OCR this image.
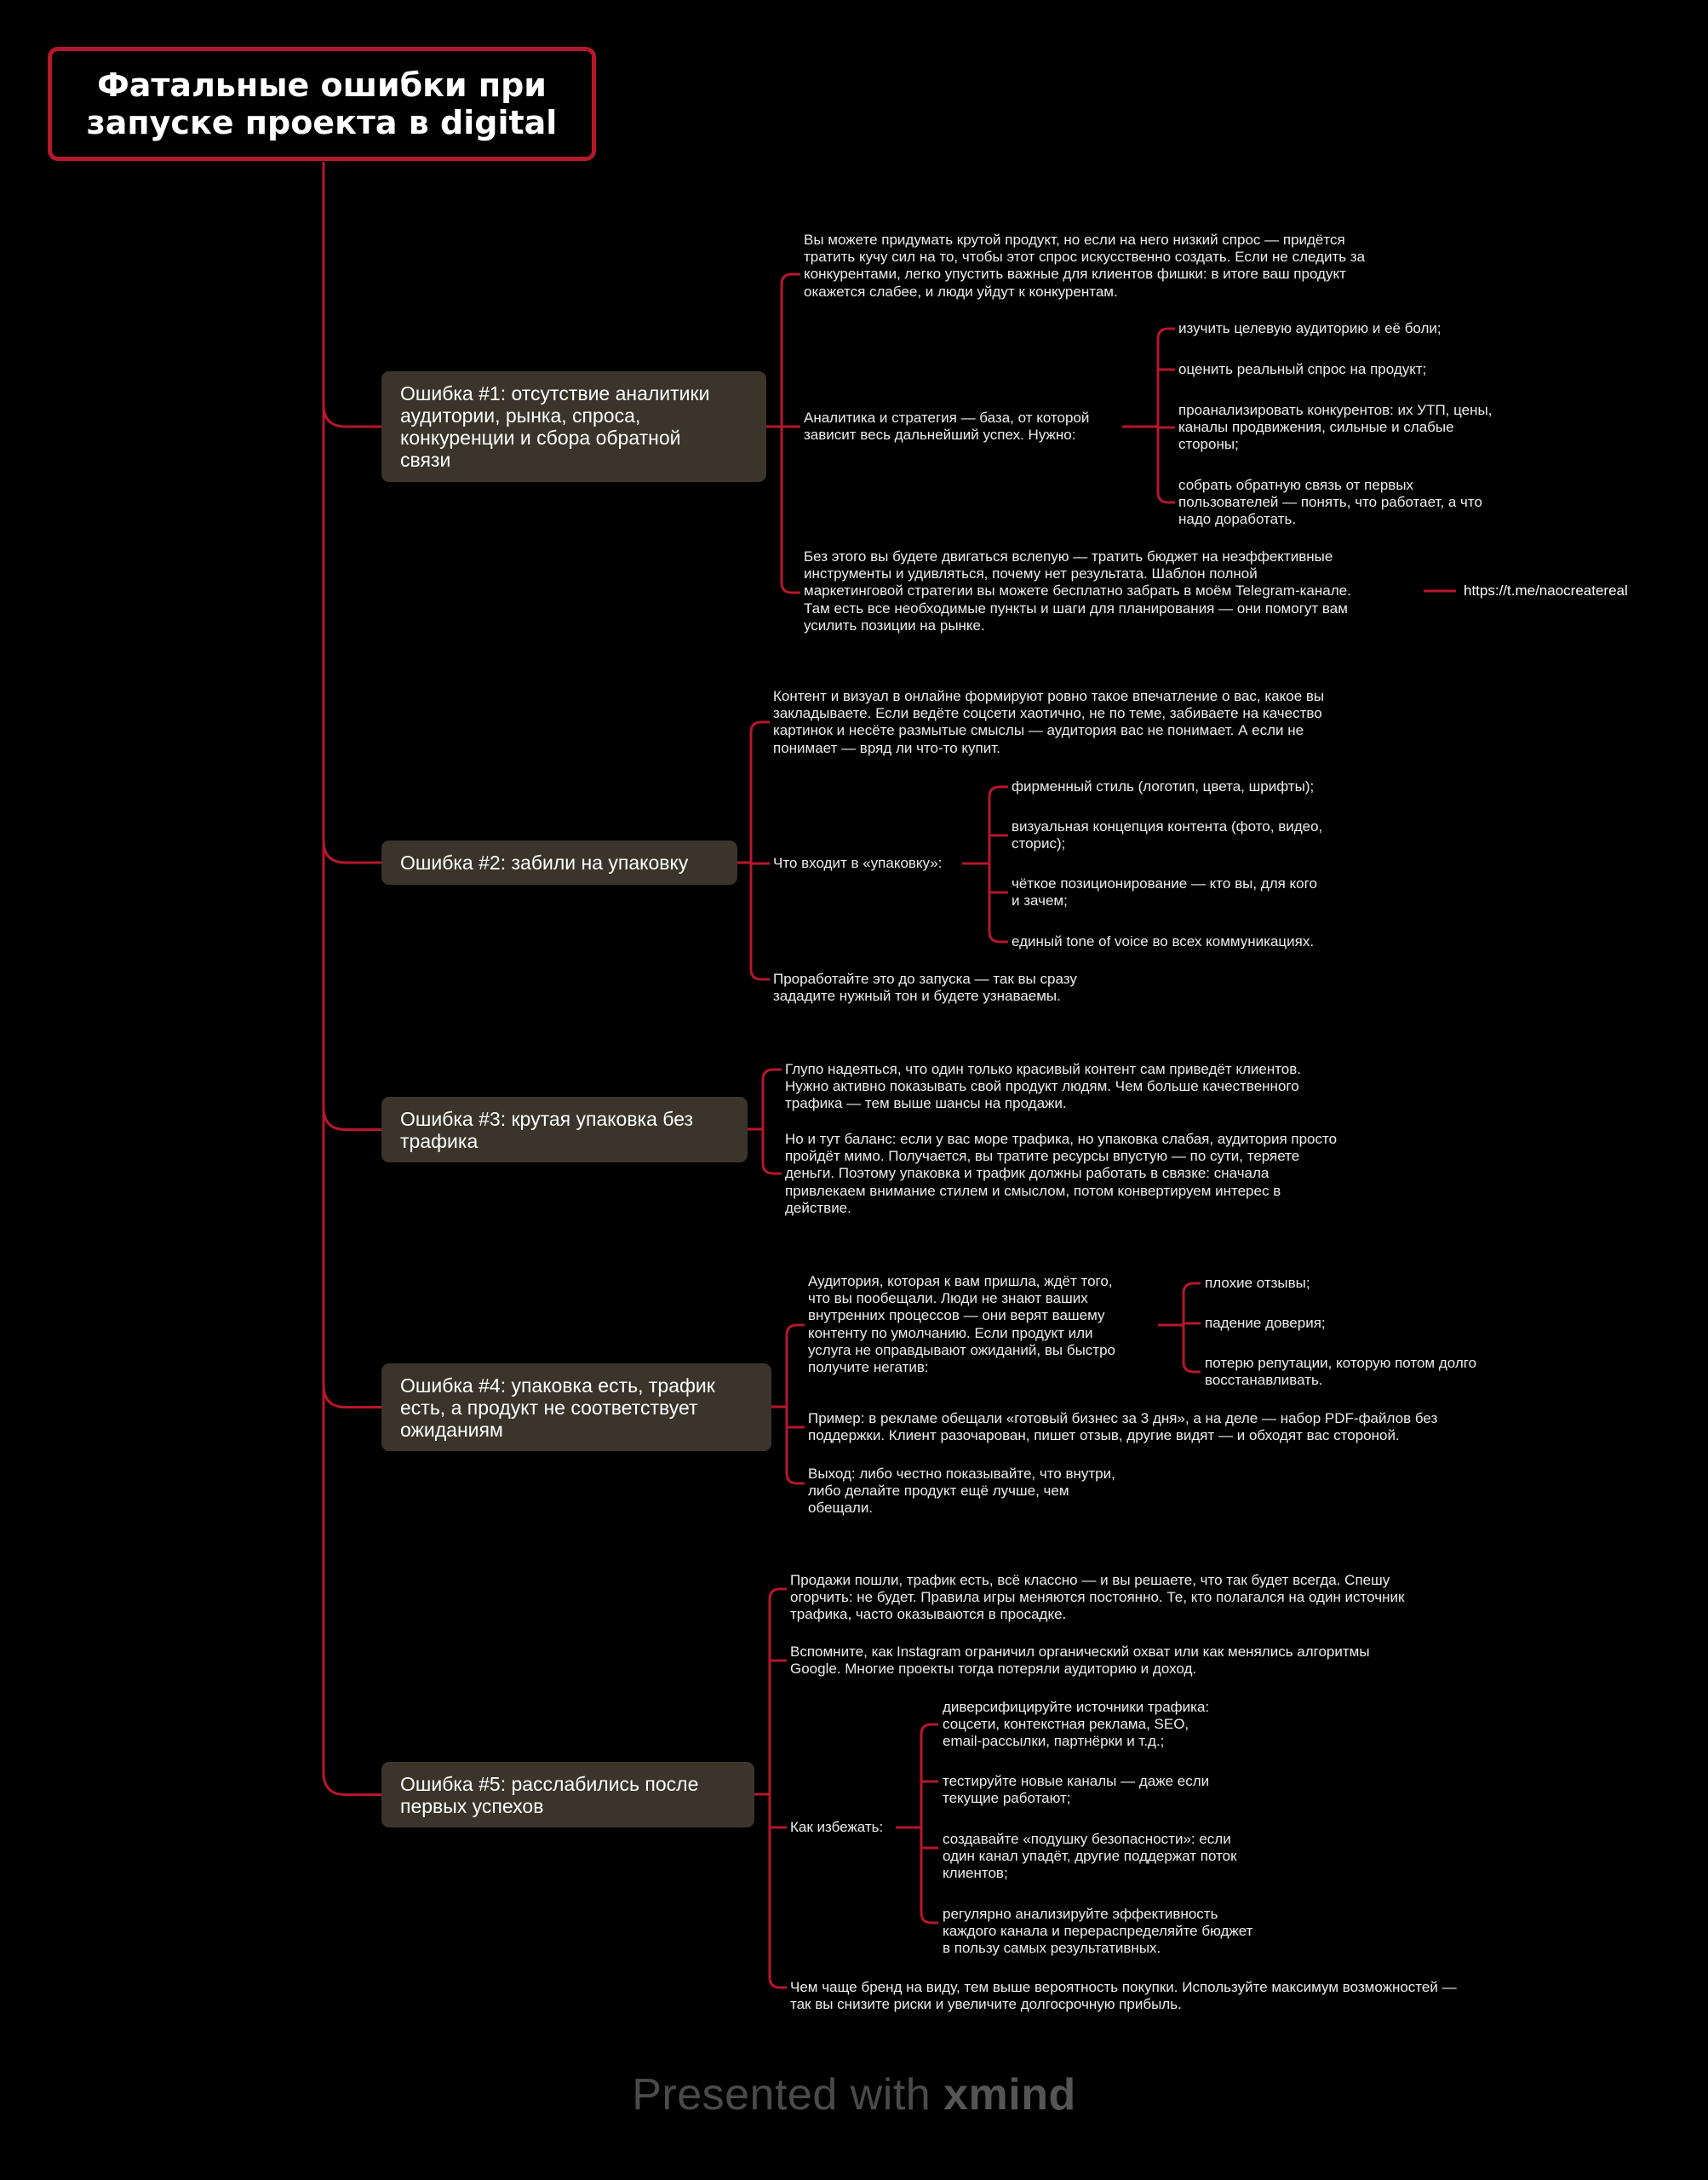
Фатальные ошибки при
запуске проекта в digital
Ошибка #1: отсутствие аналитики
аудитории, рынка, спроса,
конкуренции и сбора обратной
связи
Ошибка #2: забили на упаковку
Ошибка #3: крутая упаковка без
трафика
Ошибка #4: упаковка есть, трафик
есть, а продукт не соответствует
ожиданиям
Ошибка #5: расслабились после
первых успехов
Вы можете придумать крутой продукт, но если на него низкий спрос — придётся
тратить кучу сил на то, чтобы этот спрос искусственно создать. Если не следить за
конкурентами, легко упустить важные для клиентов фишки: в итоге ваш продукт
окажется слабее, и люди уйдут к конкурентам.
Аналитика и стратегия — база, от которой
зависит весь дальнейший успех. Нужно:
изучить целевую аудиторию и её боли;
оценить реальный спрос на продукт;
проанализировать конкурентов: их УТП, цены,
каналы продвижения, сильные и слабые
стороны;
собрать обратную связь от первых
пользователей — понять, что работает, а что
надо доработать.
Без этого вы будете двигаться вслепую — тратить бюджет на неэффективные
инструменты и удивляться, почему нет результата. Шаблон полной
маркетинговой стратегии вы можете бесплатно забрать в моём Telegram-канале.
Там есть все необходимые пункты и шаги для планирования — они помогут вам
усилить позиции на рынке.
https://t.me/naocreatereal
Контент и визуал в онлайне формируют ровно такое впечатление о вас, какое вы
закладываете. Если ведёте соцсети хаотично, не по теме, забиваете на качество
картинок и несёте размытые смыслы — аудитория вас не понимает. А если не
понимает — вряд ли что-то купит.
Что входит в «упаковку»:
фирменный стиль (логотип, цвета, шрифты);
визуальная концепция контента (фото, видео,
сторис);
чёткое позиционирование — кто вы, для кого
и зачем;
единый tone of voice во всех коммуникациях.
Проработайте это до запуска — так вы сразу
зададите нужный тон и будете узнаваемы.
Глупо надеяться, что один только красивый контент сам приведёт клиентов.
Нужно активно показывать свой продукт людям. Чем больше качественного
трафика — тем выше шансы на продажи.
Но и тут баланс: если у вас море трафика, но упаковка слабая, аудитория просто
пройдёт мимо. Получается, вы тратите ресурсы впустую — по сути, теряете
деньги. Поэтому упаковка и трафик должны работать в связке: сначала
привлекаем внимание стилем и смыслом, потом конвертируем интерес в
действие.
Аудитория, которая к вам пришла, ждёт того,
что вы пообещали. Люди не знают ваших
внутренних процессов — они верят вашему
контенту по умолчанию. Если продукт или
услуга не оправдывают ожиданий, вы быстро
получите негатив:
плохие отзывы;
падение доверия;
потерю репутации, которую потом долго
восстанавливать.
Пример: в рекламе обещали «готовый бизнес за 3 дня», а на деле — набор PDF-файлов без
поддержки. Клиент разочарован, пишет отзыв, другие видят — и обходят вас стороной.
Выход: либо честно показывайте, что внутри,
либо делайте продукт ещё лучше, чем
обещали.
Продажи пошли, трафик есть, всё классно — и вы решаете, что так будет всегда. Спешу
огорчить: не будет. Правила игры меняются постоянно. Те, кто полагался на один источник
трафика, часто оказываются в просадке.
Вспомните, как Instagram ограничил органический охват или как менялись алгоритмы
Google. Многие проекты тогда потеряли аудиторию и доход.
Как избежать:
диверсифицируйте источники трафика:
соцсети, контекстная реклама, SEO,
email-рассылки, партнёрки и т.д.;
тестируйте новые каналы — даже если
текущие работают;
создавайте «подушку безопасности»: если
один канал упадёт, другие поддержат поток
клиентов;
регулярно анализируйте эффективность
каждого канала и перераспределяйте бюджет
в пользу самых результативных.
Чем чаще бренд на виду, тем выше вероятность покупки. Используйте максимум возможностей —
так вы снизите риски и увеличите долгосрочную прибыль.
Presented with xmind
